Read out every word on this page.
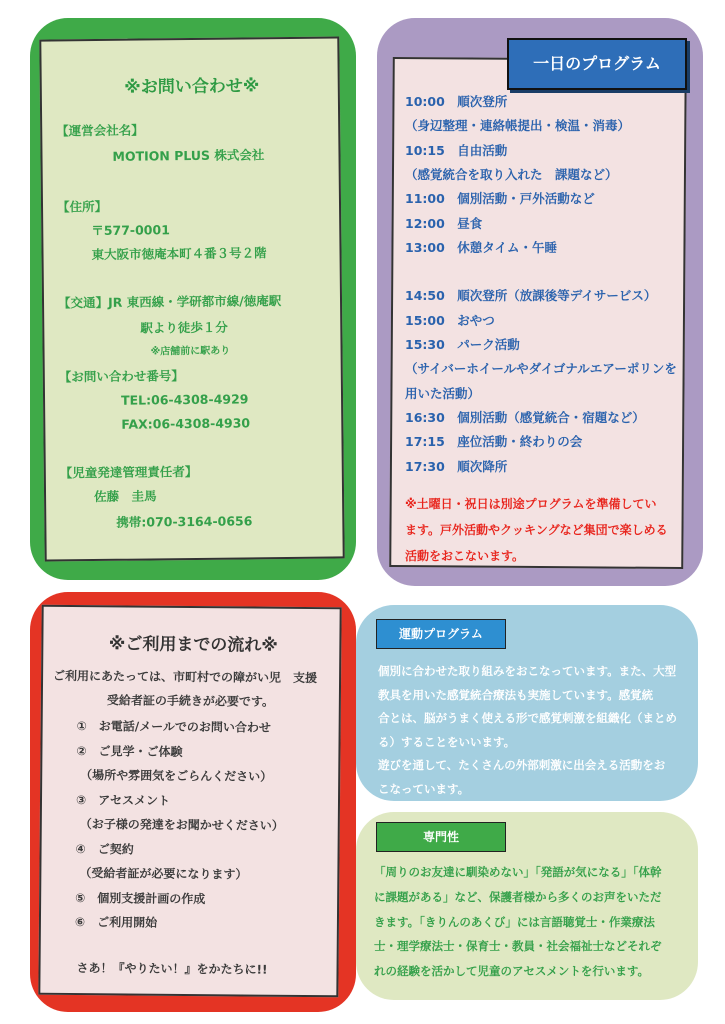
※お問い合わせ※
【運営会社名】
MOTION PLUS 株式会社
【住所】
〒577-0001
東大阪市徳庵本町４番３号２階
【交通】JR 東西線・学研都市線/徳庵駅
駅より徒歩１分
※店舗前に駅あり
【お問い合わせ番号】
TEL:06-4308-4929
FAX:06-4308-4930
【児童発達管理責任者】
佐藤　圭馬
携帯:070-3164-0656
一日のプログラム
10:00　順次登所
（身辺整理・連絡帳提出・検温・消毒）
10:15　自由活動
（感覚統合を取り入れた　課題など）
11:00　個別活動・戸外活動など
12:00　昼食
13:00　休憩タイム・午睡
14:50　順次登所（放課後等デイサービス）
15:00　おやつ
15:30　パーク活動
（サイバーホイールやダイゴナルエアーポリンを
用いた活動）
16:30　個別活動（感覚統合・宿題など）
17:15　座位活動・終わりの会
17:30　順次降所
※土曜日・祝日は別途プログラムを準備してい
ます。戸外活動やクッキングなど集団で楽しめる
活動をおこないます。
※ご利用までの流れ※
ご利用にあたっては、市町村での障がい児　支援
受給者証の手続きが必要です。
①　お電話/メールでのお問い合わせ
②　ご見学・ご体験
（場所や雰囲気をごらんください）
③　アセスメント
（お子様の発達をお聞かせください）
④　ご契約
（受給者証が必要になります）
⑤　個別支援計画の作成
⑥　ご利用開始
さあ！『やりたい！』をかたちに!!
運動プログラム
個別に合わせた取り組みをおこなっています。また、大型
教具を用いた感覚統合療法も実施しています。感覚統
合とは、脳がうまく使える形で感覚刺激を組織化（まとめ
る）することをいいます。
遊びを通して、たくさんの外部刺激に出会える活動をお
こなっています。
専門性
「周りのお友達に馴染めない」「発語が気になる」「体幹
に課題がある」など、保護者様から多くのお声をいただ
きます。「きりんのあくび」には言語聴覚士・作業療法
士・理学療法士・保育士・教員・社会福祉士などそれぞ
れの経験を活かして児童のアセスメントを行います。
